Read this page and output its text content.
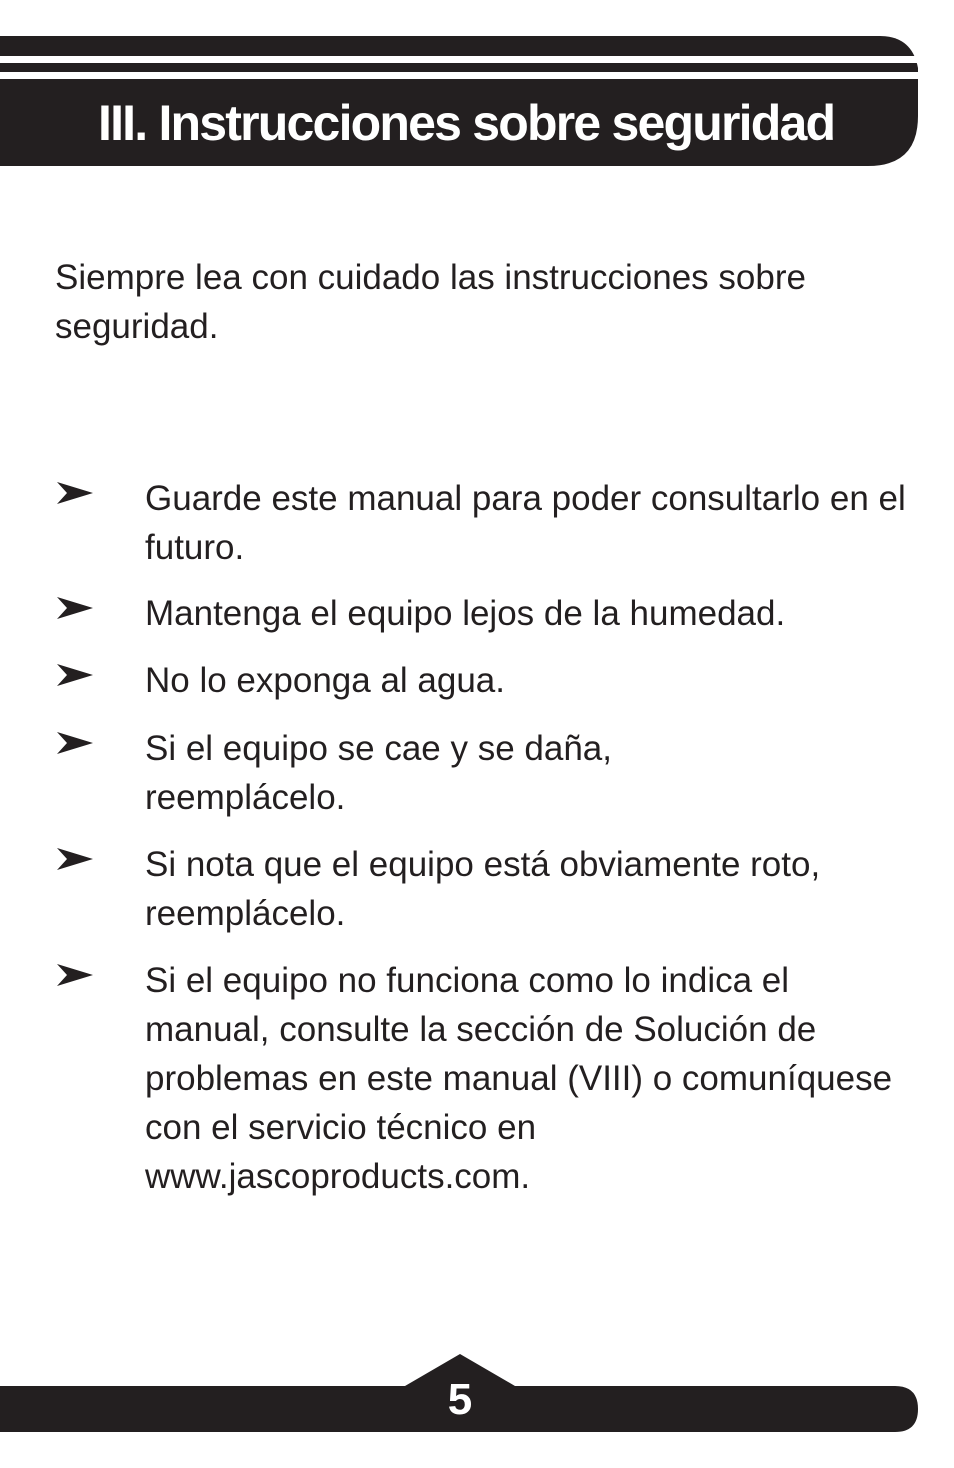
III. Instrucciones sobre seguridad

Siempre lea con cuidado las instrucciones sobre seguridad.

Guarde este manual para poder consultarlo en el futuro.
Mantenga el equipo lejos de la humedad.
No lo exponga al agua.
Si el equipo se cae y se daña, reemplácelo.
Si nota que el equipo está obviamente roto, reemplácelo.
Si el equipo no funciona como lo indica el manual, consulte la sección de Solución de problemas en este manual (VIII) o comuníquese con el servicio técnico en www.jascoproducts.com.
5
